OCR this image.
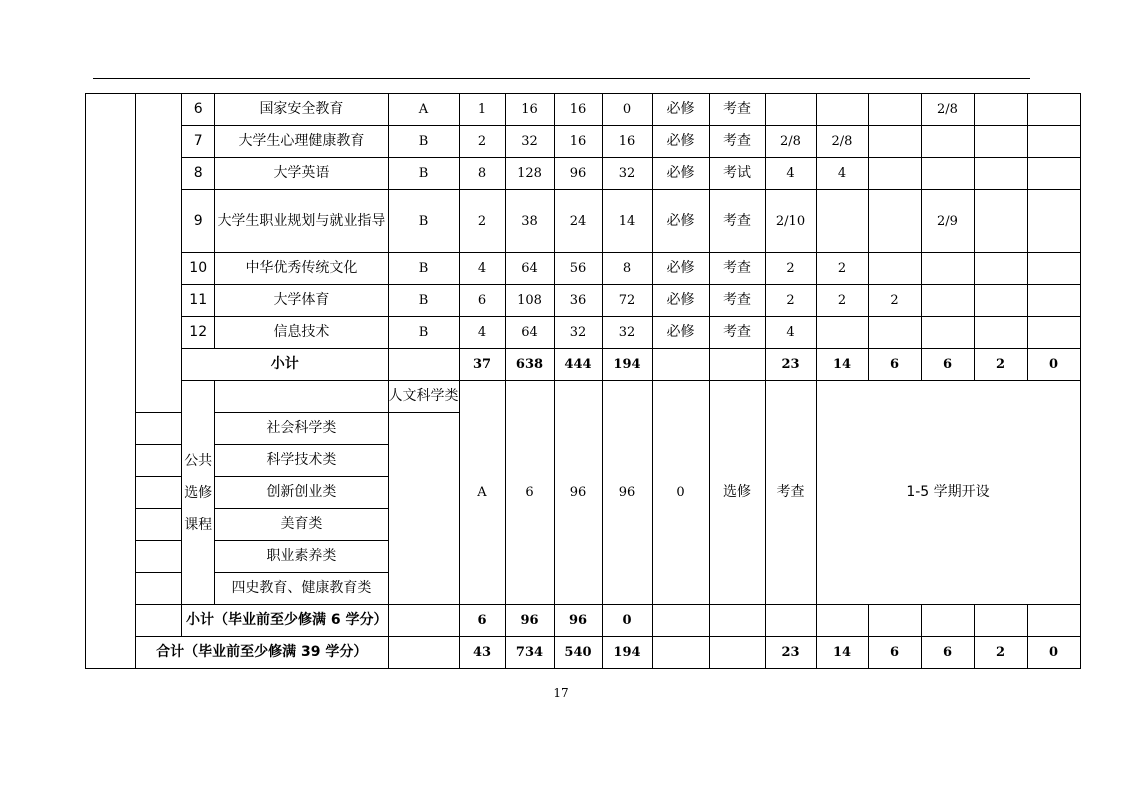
		6	国家安全教育	A	1	16	16	0	必修	考查				2/8		
		7	大学生心理健康教育	B	2	32	16	16	必修	考查	2/8	2/8				
		8	大学英语	B	8	128	96	32	必修	考试	4	4				
		9	大学生职业规划与就业指导	B	2	38	24	14	必修	考查	2/10			2/9		
		10	中华优秀传统文化	B	4	64	56	8	必修	考查	2	2				
		11	大学体育	B	6	108	36	72	必修	考查	2	2	2			
		12	信息技术	B	4	64	32	32	必修	考查	4					
		小计			37	638	444	194			23	14	6	6	2	0

		公共选修课程		人文科学类	A	6	96	96	0	选修	考查	1-5 学期开设				
			社会科学类													
			科学技术类													
			创新创业类													
			美育类													
			职业素养类													
			四史教育、健康教育类													
		小计（毕业前至少修满 6 学分）			6	96	96	0								
	合计（毕业前至少修满 39 学分）				43	734	540	194			23	14	6	6	2	0
17
